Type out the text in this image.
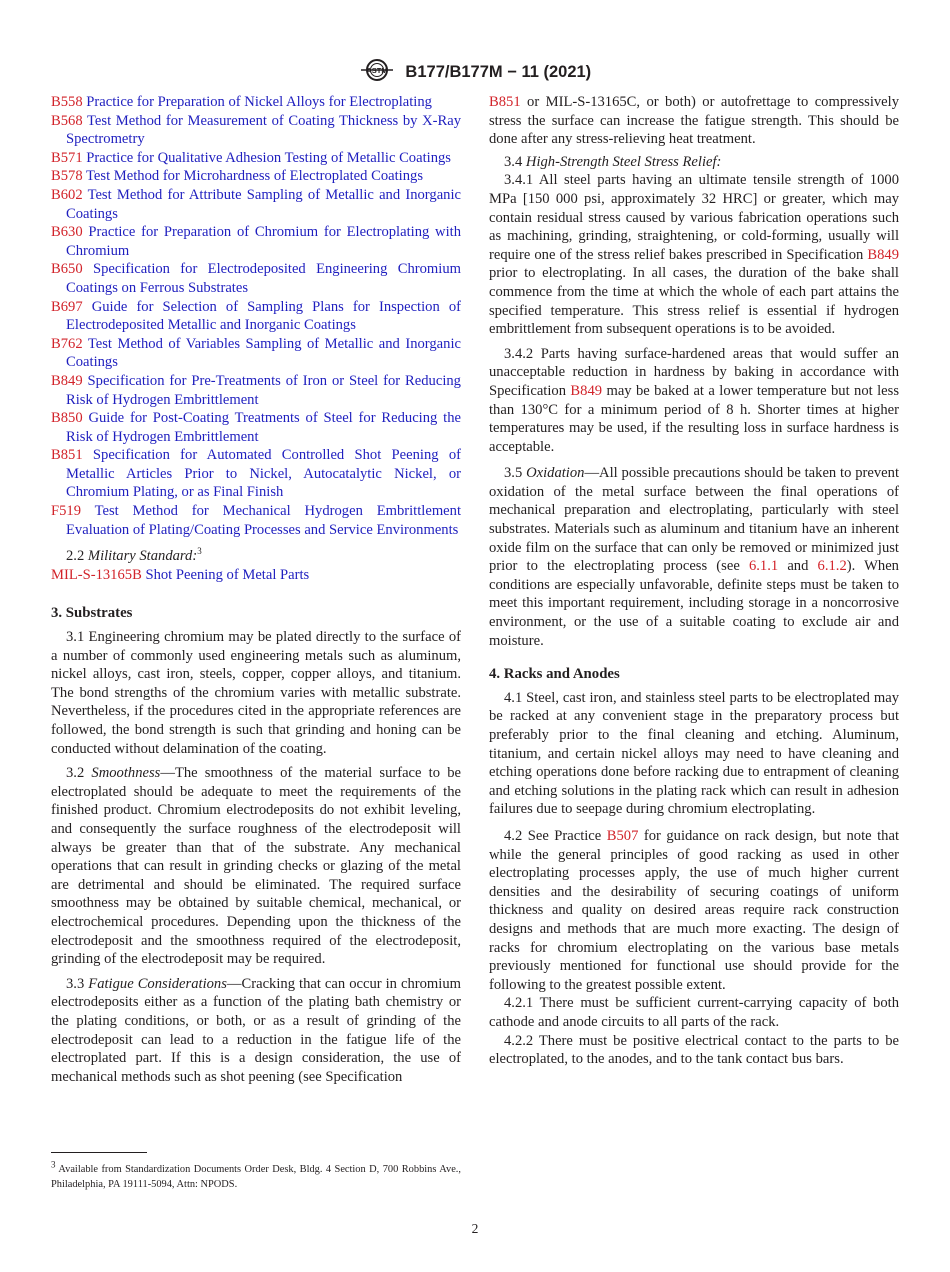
ASTM B177/B177M − 11 (2021)

B558 Practice for Preparation of Nickel Alloys for Electroplating

B568 Test Method for Measurement of Coating Thickness by X-Ray Spectrometry

B571 Practice for Qualitative Adhesion Testing of Metallic Coatings

B578 Test Method for Microhardness of Electroplated Coatings

B602 Test Method for Attribute Sampling of Metallic and Inorganic Coatings

B630 Practice for Preparation of Chromium for Electroplating with Chromium

B650 Specification for Electrodeposited Engineering Chromium Coatings on Ferrous Substrates

B697 Guide for Selection of Sampling Plans for Inspection of Electrodeposited Metallic and Inorganic Coatings

B762 Test Method of Variables Sampling of Metallic and Inorganic Coatings

B849 Specification for Pre-Treatments of Iron or Steel for Reducing Risk of Hydrogen Embrittlement

B850 Guide for Post-Coating Treatments of Steel for Reducing the Risk of Hydrogen Embrittlement

B851 Specification for Automated Controlled Shot Peening of Metallic Articles Prior to Nickel, Autocatalytic Nickel, or Chromium Plating, or as Final Finish

F519 Test Method for Mechanical Hydrogen Embrittlement Evaluation of Plating/Coating Processes and Service Environments

2.2 Military Standard:$^3$

MIL-S-13165B Shot Peening of Metal Parts

3. Substrates

3.1 Engineering chromium may be plated directly to the surface of a number of commonly used engineering metals such as aluminum, nickel alloys, cast iron, steels, copper, copper alloys, and titanium. The bond strengths of the chromium varies with metallic substrate. Nevertheless, if the procedures cited in the appropriate references are followed, the bond strength is such that grinding and honing can be conducted without delamination of the coating.

3.2 Smoothness—The smoothness of the material surface to be electroplated should be adequate to meet the requirements of the finished product. Chromium electrodeposits do not exhibit leveling, and consequently the surface roughness of the electrodeposit will always be greater than that of the substrate. Any mechanical operations that can result in grinding checks or glazing of the metal are detrimental and should be eliminated. The required surface smoothness may be obtained by suitable chemical, mechanical, or electrochemical procedures. Depending upon the thickness of the electrodeposit and the smoothness required of the electrodeposit, grinding of the electrodeposit may be required.

3.3 Fatigue Considerations—Cracking that can occur in chromium electrodeposits either as a function of the plating bath chemistry or the plating conditions, or both, or as a result of grinding of the electrodeposit can lead to a reduction in the fatigue life of the electroplated part. If this is a design consideration, the use of mechanical methods such as shot peening (see Specification

B851 or MIL-S-13165C, or both) or autofrettage to compressively stress the surface can increase the fatigue strength. This should be done after any stress-relieving heat treatment.

3.4 High-Strength Steel Stress Relief:

3.4.1 All steel parts having an ultimate tensile strength of 1000 MPa [150 000 psi, approximately 32 HRC] or greater, which may contain residual stress caused by various fabrication operations such as machining, grinding, straightening, or cold-forming, usually will require one of the stress relief bakes prescribed in Specification B849 prior to electroplating. In all cases, the duration of the bake shall commence from the time at which the whole of each part attains the specified temperature. This stress relief is essential if hydrogen embrittlement from subsequent operations is to be avoided.

3.4.2 Parts having surface-hardened areas that would suffer an unacceptable reduction in hardness by baking in accordance with Specification B849 may be baked at a lower temperature but not less than 130°C for a minimum period of 8 h. Shorter times at higher temperatures may be used, if the resulting loss in surface hardness is acceptable.

3.5 Oxidation—All possible precautions should be taken to prevent oxidation of the metal surface between the final operations of mechanical preparation and electroplating, particularly with steel substrates. Materials such as aluminum and titanium have an inherent oxide film on the surface that can only be removed or minimized just prior to the electroplating process (see 6.1.1 and 6.1.2). When conditions are especially unfavorable, definite steps must be taken to meet this important requirement, including storage in a noncorrosive environment, or the use of a suitable coating to exclude air and moisture.

4. Racks and Anodes

4.1 Steel, cast iron, and stainless steel parts to be electroplated may be racked at any convenient stage in the preparatory process but preferably prior to the final cleaning and etching. Aluminum, titanium, and certain nickel alloys may need to have cleaning and etching operations done before racking due to entrapment of cleaning and etching solutions in the plating rack which can result in adhesion failures due to seepage during chromium electroplating.

4.2 See Practice B507 for guidance on rack design, but note that while the general principles of good racking as used in other electroplating processes apply, the use of much higher current densities and the desirability of securing coatings of uniform thickness and quality on desired areas require rack construction designs and methods that are much more exacting. The design of racks for chromium electroplating on the various base metals previously mentioned for functional use should provide for the following to the greatest possible extent.

4.2.1 There must be sufficient current-carrying capacity of both cathode and anode circuits to all parts of the rack.

4.2.2 There must be positive electrical contact to the parts to be electroplated, to the anodes, and to the tank contact bus bars.

$^3$ Available from Standardization Documents Order Desk, Bldg. 4 Section D, 700 Robbins Ave., Philadelphia, PA 19111-5094, Attn: NPODS.
2
